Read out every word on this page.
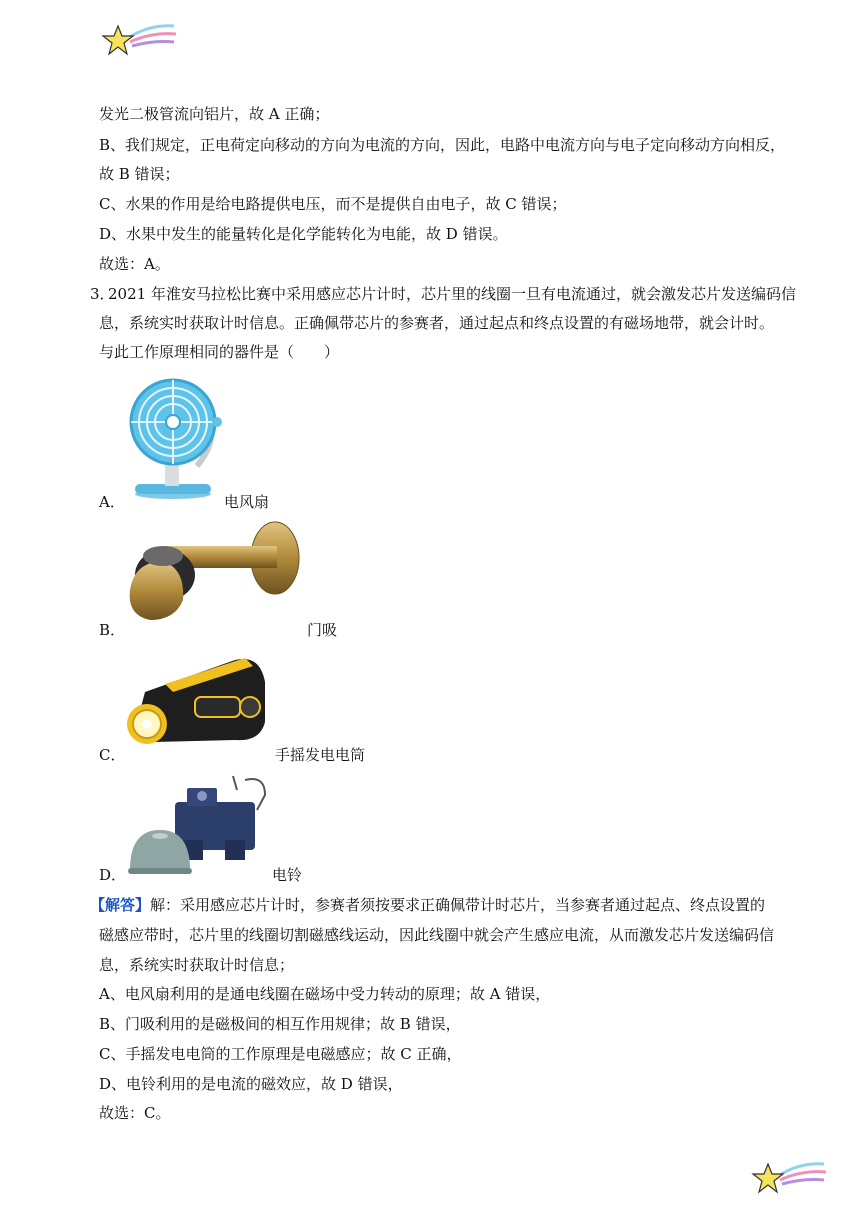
发光二极管流向铝片，故 A 正确；
B、我们规定，正电荷定向移动的方向为电流的方向，因此，电路中电流方向与电子定向移动方向相反，
故 B 错误；
C、水果的作用是给电路提供电压，而不是提供自由电子，故 C 错误；
D、水果中发生的能量转化是化学能转化为电能，故 D 错误。
故选：A。
3．
2021 年淮安马拉松比赛中采用感应芯片计时，芯片里的线圈一旦有电流通过，就会激发芯片发送编码信
息，系统实时获取计时信息。正确佩带芯片的参赛者，通过起点和终点设置的有磁场地带，就会计时。
与此工作原理相同的器件是（　　）
A．	电风扇
B．	门吸
C．	手摇发电电筒
D．	电铃
【解答】解：采用感应芯片计时，参赛者须按要求正确佩带计时芯片，当参赛者通过起点、终点设置的
磁感应带时，芯片里的线圈切割磁感线运动，因此线圈中就会产生感应电流，从而激发芯片发送编码信
息，系统实时获取计时信息；
A、电风扇利用的是通电线圈在磁场中受力转动的原理；故 A 错误，
B、门吸利用的是磁极间的相互作用规律；故 B 错误，
C、手摇发电电筒的工作原理是电磁感应；故 C 正确，
D、电铃利用的是电流的磁效应，故 D 错误，
故选：C。
